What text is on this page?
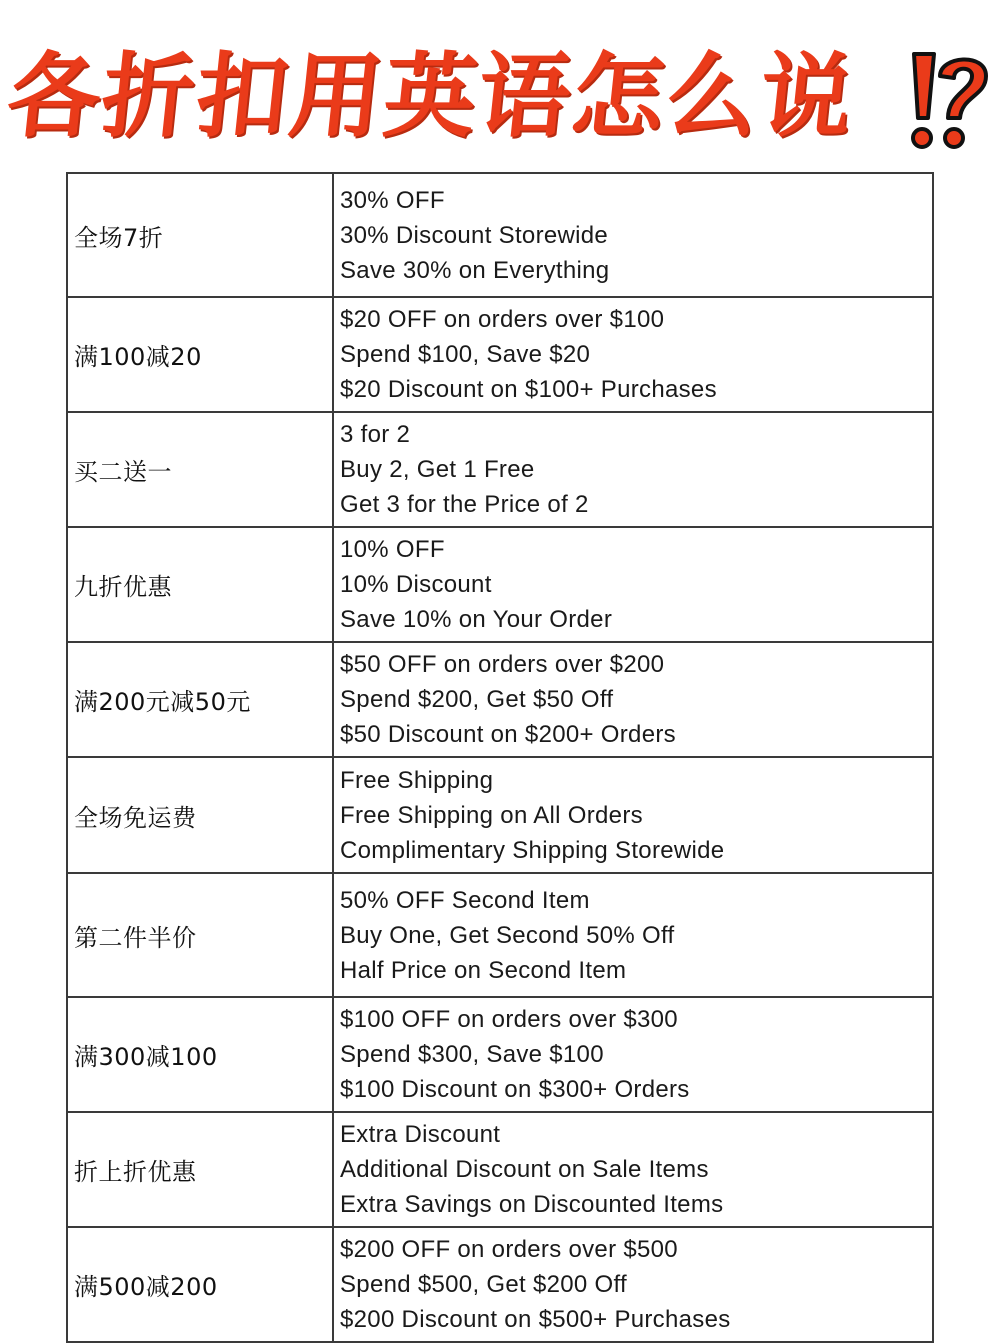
各折扣用英语怎么说
全场7折	30% OFF
30% Discount Storewide
Save 30% on Everything

满100减20	$20 OFF on orders over $100
Spend $100, Save $20
$20 Discount on $100+ Purchases

买二送一	3 for 2
Buy 2, Get 1 Free
Get 3 for the Price of 2

九折优惠	10% OFF
10% Discount
Save 10% on Your Order

满200元减50元	$50 OFF on orders over $200
Spend $200, Get $50 Off
$50 Discount on $200+ Orders

全场免运费	Free Shipping
Free Shipping on All Orders
Complimentary Shipping Storewide

第二件半价	50% OFF Second Item
Buy One, Get Second 50% Off
Half Price on Second Item

满300减100	$100 OFF on orders over $300
Spend $300, Save $100
$100 Discount on $300+ Orders

折上折优惠	Extra Discount
Additional Discount on Sale Items
Extra Savings on Discounted Items

满500减200	$200 OFF on orders over $500
Spend $500, Get $200 Off
$200 Discount on $500+ Purchases
